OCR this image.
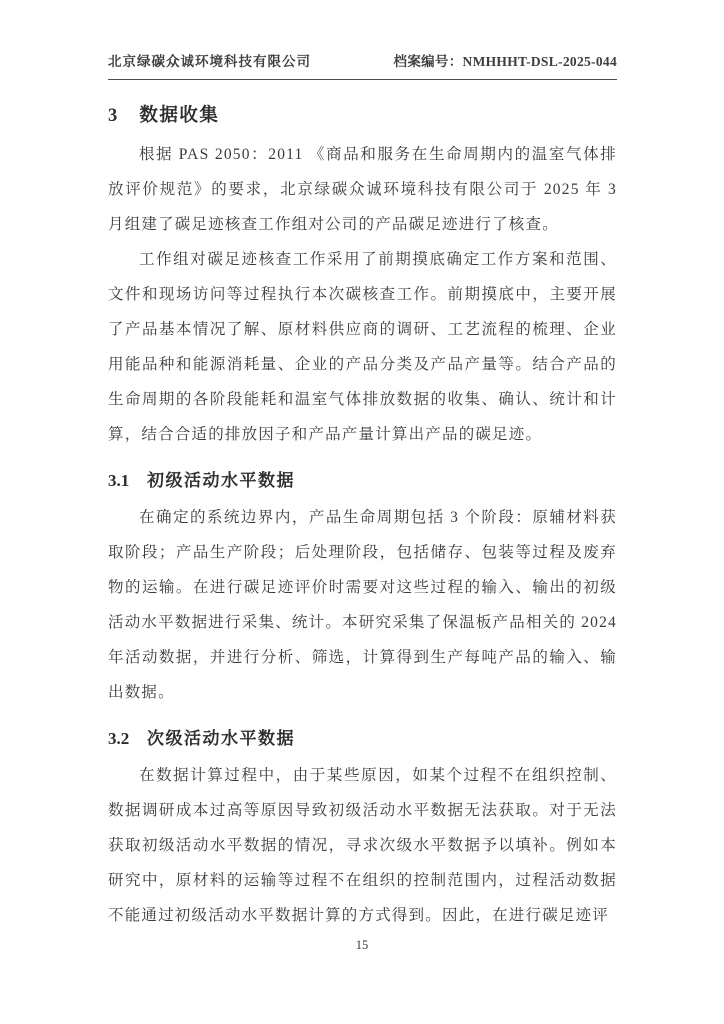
北京绿碳众诚环境科技有限公司	档案编号：NMHHHT-DSL-2025-044
3 数据收集

根据 PAS 2050：2011 《商品和服务在生命周期内的温室气体排放评价规范》的要求，北京绿碳众诚环境科技有限公司于 2025 年 3 月组建了碳足迹核查工作组对公司的产品碳足迹进行了核查。

工作组对碳足迹核查工作采用了前期摸底确定工作方案和范围、文件和现场访问等过程执行本次碳核查工作。前期摸底中，主要开展了产品基本情况了解、原材料供应商的调研、工艺流程的梳理、企业用能品种和能源消耗量、企业的产品分类及产品产量等。结合产品的生命周期的各阶段能耗和温室气体排放数据的收集、确认、统计和计算，结合合适的排放因子和产品产量计算出产品的碳足迹。

3.1 初级活动水平数据

在确定的系统边界内，产品生命周期包括 3 个阶段：原辅材料获取阶段；产品生产阶段；后处理阶段，包括储存、包装等过程及废弃物的运输。在进行碳足迹评价时需要对这些过程的输入、输出的初级活动水平数据进行采集、统计。本研究采集了保温板产品相关的 2024 年活动数据，并进行分析、筛选，计算得到生产每吨产品的输入、输出数据。

3.2 次级活动水平数据

在数据计算过程中，由于某些原因，如某个过程不在组织控制、数据调研成本过高等原因导致初级活动水平数据无法获取。对于无法获取初级活动水平数据的情况，寻求次级水平数据予以填补。例如本研究中，原材料的运输等过程不在组织的控制范围内，过程活动数据不能通过初级活动水平数据计算的方式得到。因此，在进行碳足迹评

15
